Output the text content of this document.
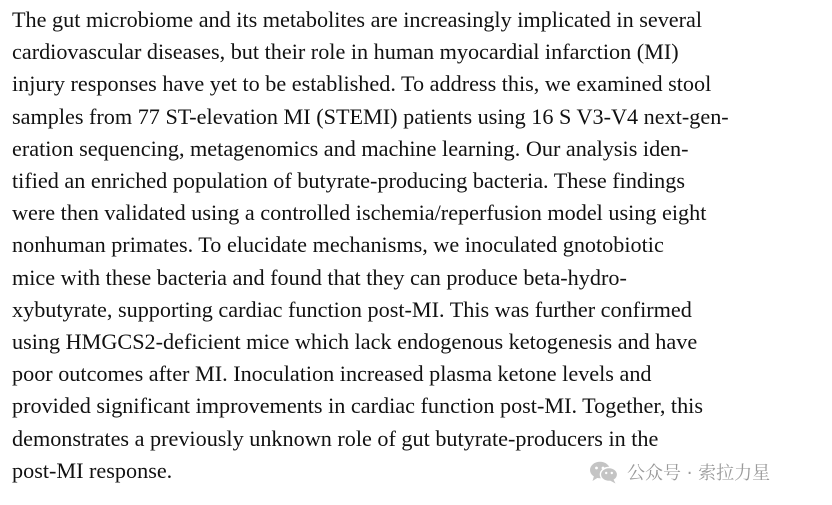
The gut microbiome and its metabolites are increasingly implicated in several
cardiovascular diseases, but their role in human myocardial infarction (MI)
injury responses have yet to be established. To address this, we examined stool
samples from 77 ST-elevation MI (STEMI) patients using 16 S V3-V4 next-gen-
eration sequencing, metagenomics and machine learning. Our analysis iden-
tified an enriched population of butyrate-producing bacteria. These findings
were then validated using a controlled ischemia/reperfusion model using eight
nonhuman primates. To elucidate mechanisms, we inoculated gnotobiotic
mice with these bacteria and found that they can produce beta-hydro-
xybutyrate, supporting cardiac function post-MI. This was further confirmed
using HMGCS2-deficient mice which lack endogenous ketogenesis and have
poor outcomes after MI. Inoculation increased plasma ketone levels and
provided significant improvements in cardiac function post-MI. Together, this
demonstrates a previously unknown role of gut butyrate-producers in the
post-MI response.	公众号 · 索拉力星
